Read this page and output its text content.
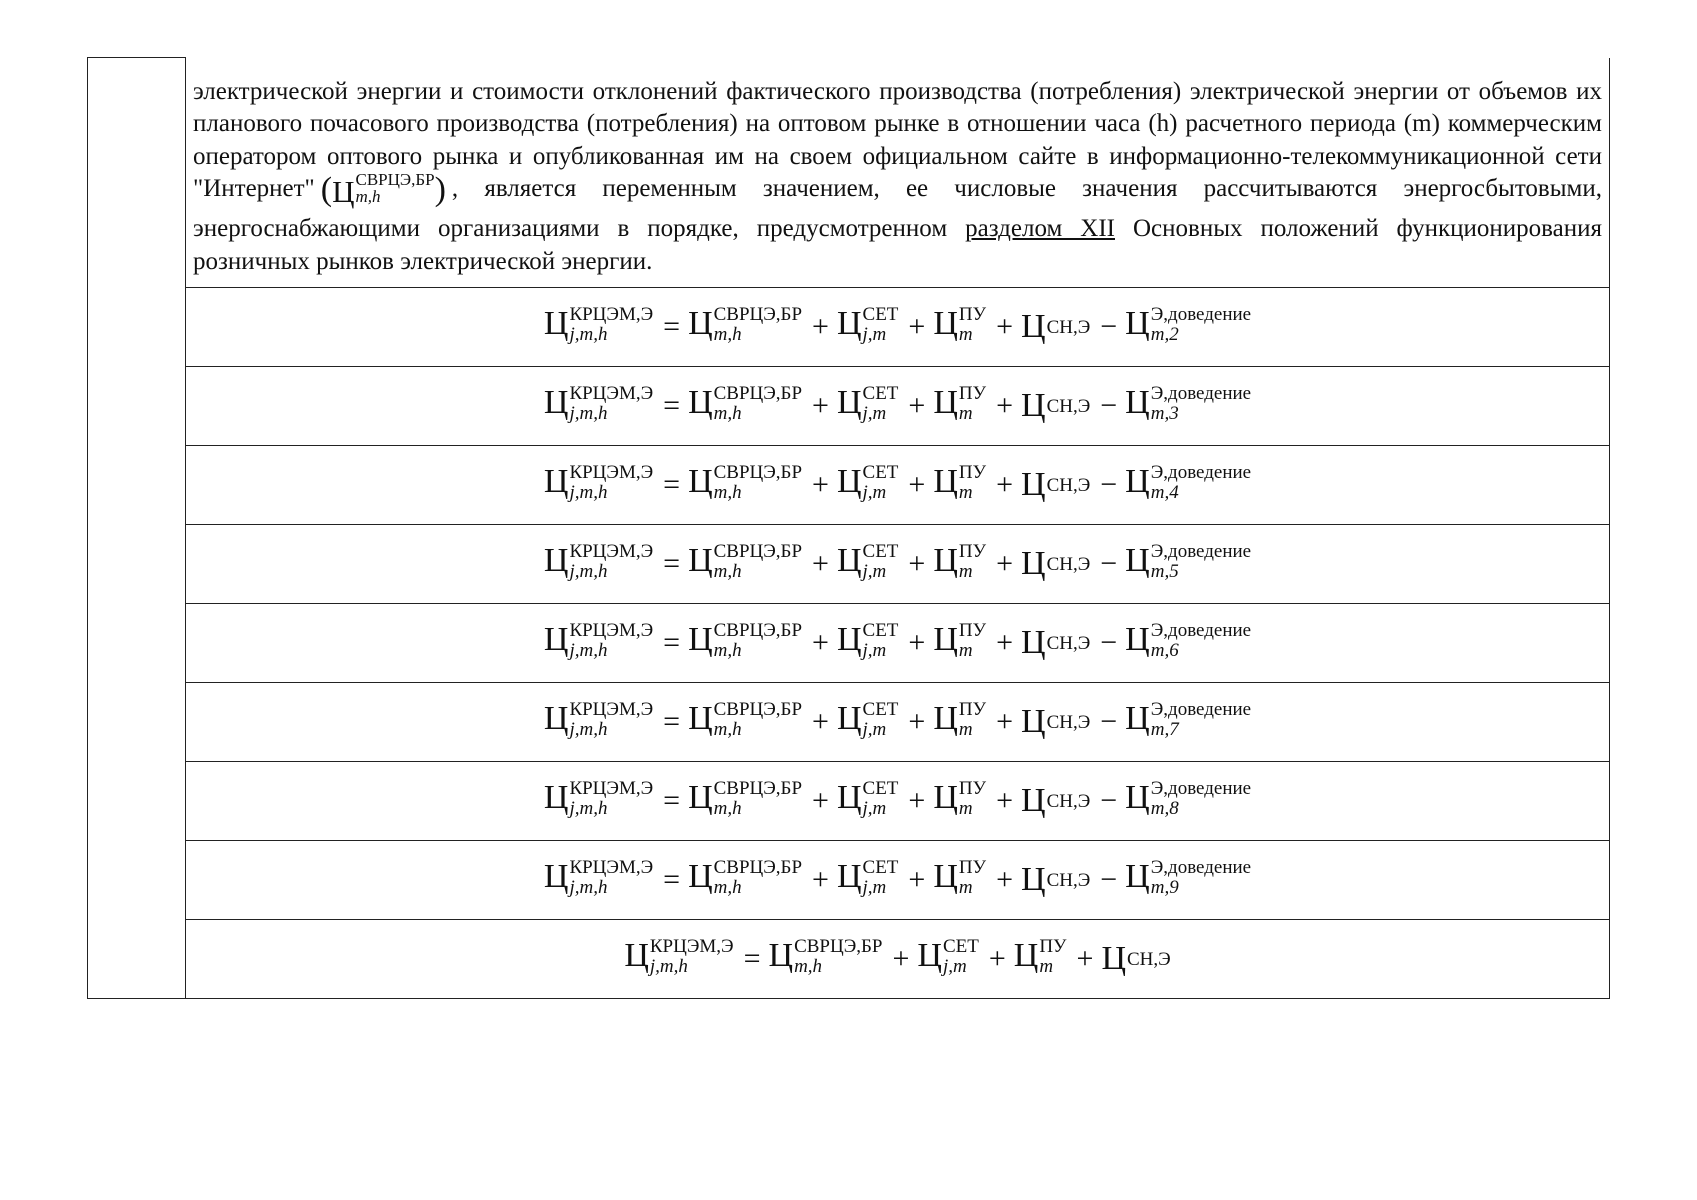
электрической энергии и стоимости отклонений фактического производства (потребления) электрической энергии от объемов их планового почасового производства (потребления) на оптовом рынке в отношении часа (h) расчетного периода (m) коммерческим оператором оптового рынка и опубликованная им на своем официальном сайте в информационно-телекоммуникационной сети "Интернет" (Ц СВРЦЭ,БР
m,h	) , является переменным значением, ее числовые значения рассчитываются энергосбытовыми, энергоснабжающими организациями в порядке, предусмотренном разделом XII Основных положений функционирования розничных рынков электрической энергии.

Ц КРЦЭМ,Э
j,m,h	= Ц СВРЦЭ,БР
m,h	+ Ц СЕТ
j,m + Ц ПУ
m + Ц СН,Э − Ц Э,доведение
m,2

Ц КРЦЭМ,Э
j,m,h	= Ц СВРЦЭ,БР
m,h	+ Ц СЕТ
j,m + Ц ПУ
m + Ц СН,Э − Ц Э,доведение
m,3

Ц КРЦЭМ,Э
j,m,h	= Ц СВРЦЭ,БР
m,h	+ Ц СЕТ
j,m + Ц ПУ
m + Ц СН,Э − Ц Э,доведение
m,4

Ц КРЦЭМ,Э
j,m,h	= Ц СВРЦЭ,БР
m,h	+ Ц СЕТ
j,m + Ц ПУ
m + Ц СН,Э − Ц Э,доведение
m,5

Ц КРЦЭМ,Э
j,m,h	= Ц СВРЦЭ,БР
m,h	+ Ц СЕТ
j,m + Ц ПУ
m + Ц СН,Э − Ц Э,доведение
m,6

Ц КРЦЭМ,Э
j,m,h	= Ц СВРЦЭ,БР
m,h	+ Ц СЕТ
j,m + Ц ПУ
m + Ц СН,Э − Ц Э,доведение
m,7

Ц КРЦЭМ,Э
j,m,h	= Ц СВРЦЭ,БР
m,h	+ Ц СЕТ
j,m + Ц ПУ
m + Ц СН,Э − Ц Э,доведение
m,8

Ц КРЦЭМ,Э
j,m,h	= Ц СВРЦЭ,БР
m,h	+ Ц СЕТ
j,m + Ц ПУ
m + Ц СН,Э − Ц Э,доведение
m,9

Ц КРЦЭМ,Э
j,m,h	= Ц СВРЦЭ,БР
m,h	+ Ц СЕТ
j,m + Ц ПУ
m + Ц СН,Э
